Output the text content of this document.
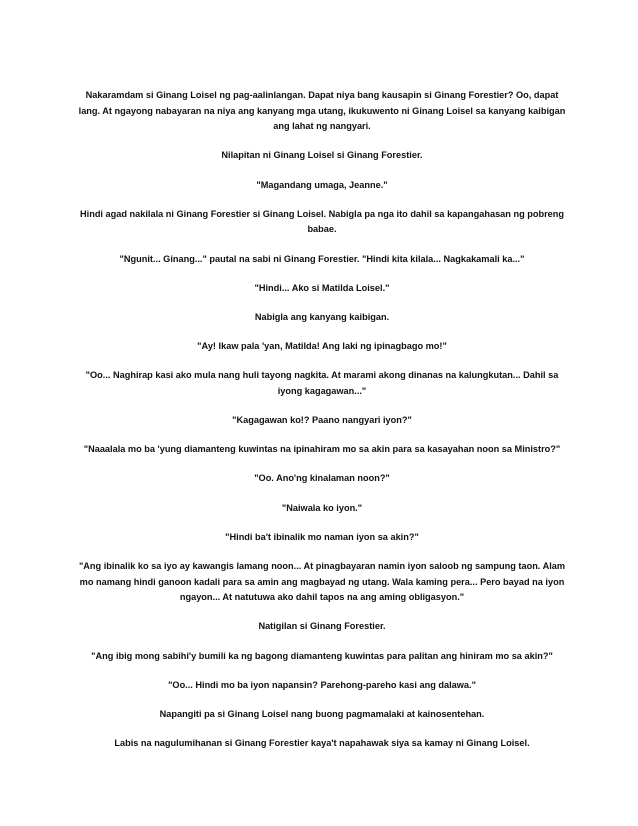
Nakaramdam si Ginang Loisel ng pag-aalinlangan. Dapat niya bang kausapin si Ginang Forestier? Oo, dapat lang. At ngayong nabayaran na niya ang kanyang mga utang, ikukuwento ni Ginang Loisel sa kanyang kaibigan ang lahat ng nangyari.

Nilapitan ni Ginang Loisel si Ginang Forestier.

"Magandang umaga, Jeanne."

Hindi agad nakilala ni Ginang Forestier si Ginang Loisel. Nabigla pa nga ito dahil sa kapangahasan ng pobreng babae.

"Ngunit... Ginang..." pautal na sabi ni Ginang Forestier. "Hindi kita kilala... Nagkakamali ka..."

"Hindi... Ako si Matilda Loisel."

Nabigla ang kanyang kaibigan.

"Ay! Ikaw pala 'yan, Matilda! Ang laki ng ipinagbago mo!"

"Oo... Naghirap kasi ako mula nang huli tayong nagkita. At marami akong dinanas na kalungkutan... Dahil sa iyong kagagawan..."

"Kagagawan ko!? Paano nangyari iyon?"

"Naaalala mo ba 'yung diamanteng kuwintas na ipinahiram mo sa akin para sa kasayahan noon sa Ministro?"

"Oo. Ano'ng kinalaman noon?"

"Naiwala ko iyon."

"Hindi ba't ibinalik mo naman iyon sa akin?"

"Ang ibinalik ko sa iyo ay kawangis lamang noon... At pinagbayaran namin iyon saloob ng sampung taon. Alam mo namang hindi ganoon kadali para sa amin ang magbayad ng utang. Wala kaming pera... Pero bayad na iyon ngayon... At natutuwa ako dahil tapos na ang aming obligasyon."

Natigilan si Ginang Forestier.

"Ang ibig mong sabihi'y bumili ka ng bagong diamanteng kuwintas para palitan ang hiniram mo sa akin?"

"Oo... Hindi mo ba iyon napansin? Parehong-pareho kasi ang dalawa."

Napangiti pa si Ginang Loisel nang buong pagmamalaki at kainosentehan.

Labis na nagulumihanan si Ginang Forestier kaya't napahawak siya sa kamay ni Ginang Loisel.
